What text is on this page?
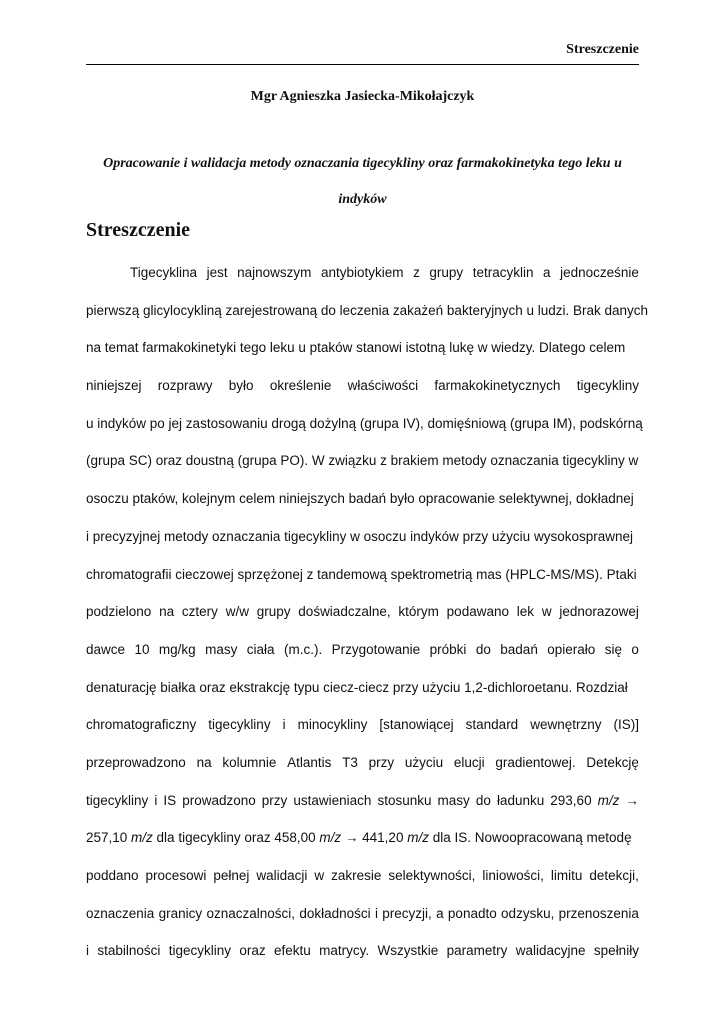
Streszczenie
Mgr Agnieszka Jasiecka-Mikołajczyk
Opracowanie i walidacja metody oznaczania tigecykliny oraz farmakokinetyka tego leku u
indyków
Streszczenie
Tigecyklina jest najnowszym antybiotykiem z grupy tetracyklin a jednocześnie
pierwszą glicylocykliną zarejestrowaną do leczenia zakażeń bakteryjnych u ludzi. Brak danych
na temat farmakokinetyki tego leku u ptaków stanowi istotną lukę w wiedzy. Dlatego celem
niniejszej rozprawy było określenie właściwości farmakokinetycznych tigecykliny
u indyków po jej zastosowaniu drogą dożylną (grupa IV), domięśniową (grupa IM), podskórną
(grupa SC) oraz doustną (grupa PO). W związku z brakiem metody oznaczania tigecykliny w
osoczu ptaków, kolejnym celem niniejszych badań było opracowanie selektywnej, dokładnej
i precyzyjnej metody oznaczania tigecykliny w osoczu indyków przy użyciu wysokosprawnej
chromatografii cieczowej sprzężonej z tandemową spektrometrią mas (HPLC-MS/MS). Ptaki
podzielono na cztery w/w grupy doświadczalne, którym podawano lek w jednorazowej
dawce 10 mg/kg masy ciała (m.c.). Przygotowanie próbki do badań opierało się o
denaturację białka oraz ekstrakcję typu ciecz-ciecz przy użyciu 1,2-dichloroetanu. Rozdział
chromatograficzny tigecykliny i minocykliny [stanowiącej standard wewnętrzny (IS)]
przeprowadzono na kolumnie Atlantis T3 przy użyciu elucji gradientowej. Detekcję
tigecykliny i IS prowadzono przy ustawieniach stosunku masy do ładunku 293,60 m/z →
257,10 m/z dla tigecykliny oraz 458,00 m/z → 441,20 m/z dla IS. Nowoopracowaną metodę
poddano procesowi pełnej walidacji w zakresie selektywności, liniowości, limitu detekcji,
oznaczenia granicy oznaczalności, dokładności i precyzji, a ponadto odzysku, przenoszenia
i stabilności tigecykliny oraz efektu matrycy. Wszystkie parametry walidacyjne spełniły
